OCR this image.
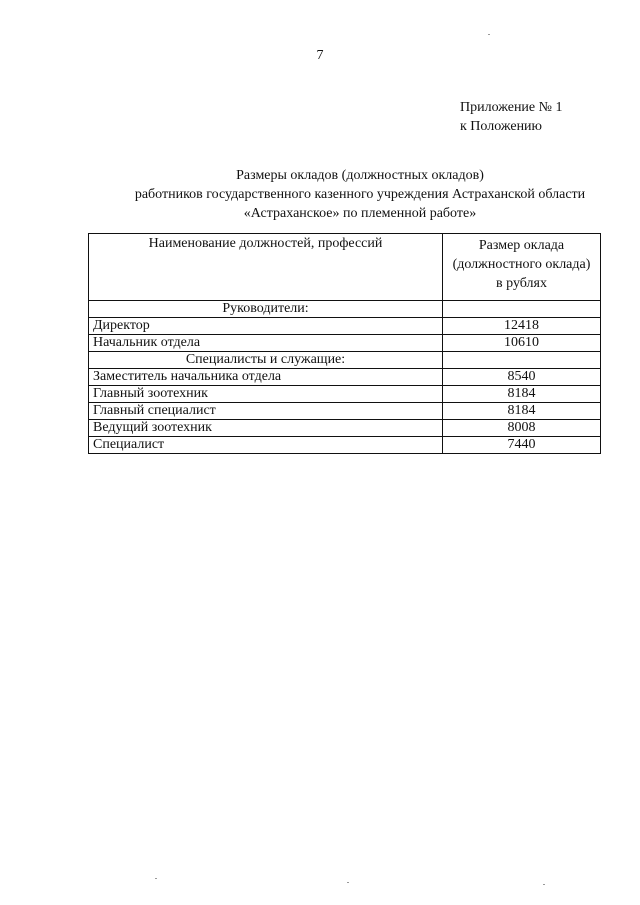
7
Приложение № 1
к Положению
Размеры окладов (должностных окладов)
работников государственного казенного учреждения Астраханской области
«Астраханское» по племенной работе»
Наименование должностей, профессий	Размер оклада
(должностного оклада)
в рублях

Руководители:	
Директор	12418
Начальник отдела	10610
Специалисты и служащие:	
Заместитель начальника отдела	8540
Главный зоотехник	8184
Главный специалист	8184
Ведущий зоотехник	8008
Специалист	7440
